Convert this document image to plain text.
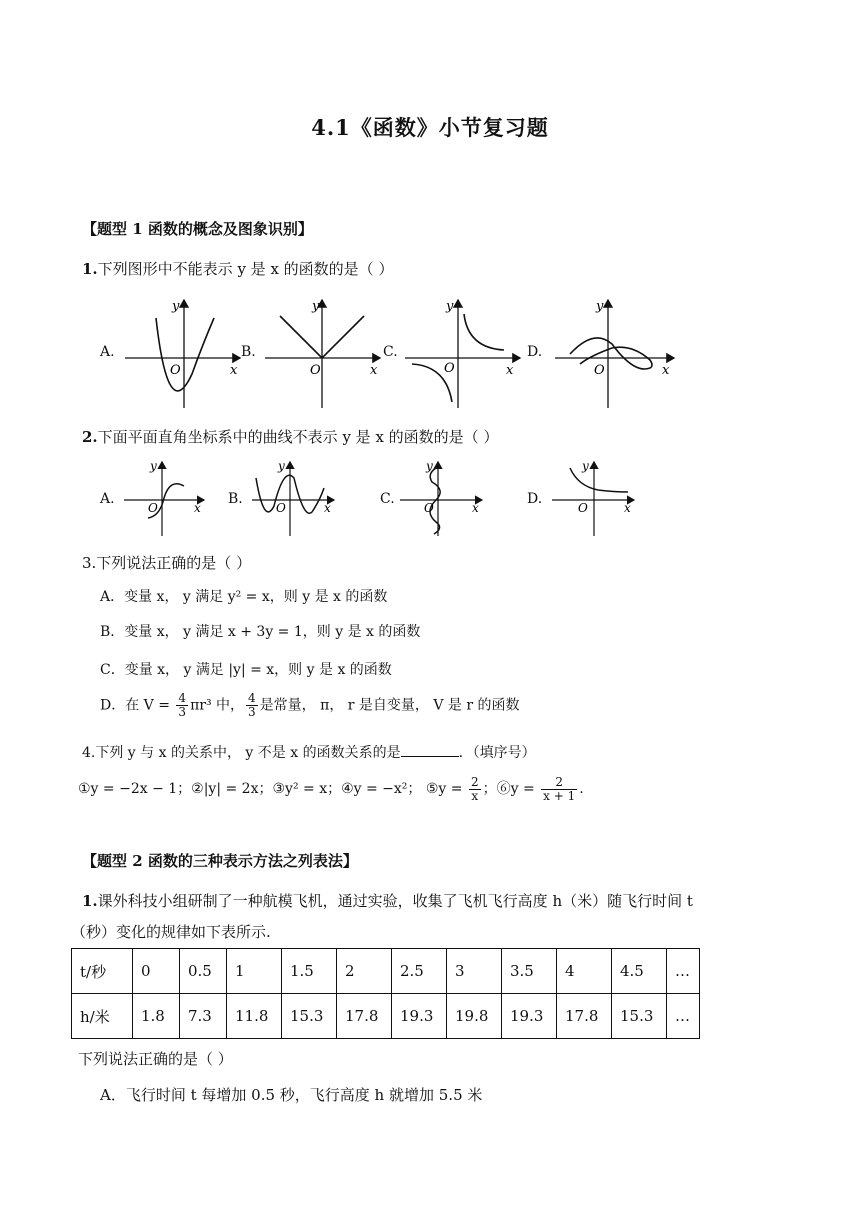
4.1《函数》小节复习题
【题型 1 函数的概念及图象识别】
1.下列图形中不能表示 y 是 x 的函数的是（ ）
A.	B.	C.	D.
y
x
O
y
x
O
y
x
O
y
x
O
2.下面平面直角坐标系中的曲线不表示 y 是 x 的函数的是（ ）
A.	B.	C.	D.
y
x
O
y
x
O
y
x
O
y
x
O
3.下列说法正确的是（ ）
A．变量 x， y 满足 y² = x，则 y 是 x 的函数
B．变量 x， y 满足 x + 3y = 1，则 y 是 x 的函数
C．变量 x， y 满足 |y| = x，则 y 是 x 的函数
D．在 $V = \frac{4}{3} \pi r^3$ 中， $\frac{4}{3}$ 是常量， π， r 是自变量， V 是 r 的函数
4.下列 y 与 x 的关系中， y 不是 x 的函数关系的是	．（填序号）
①y = −2x − 1；②|y| = 2x；③y² = x；④y = −x²； ⑤y = $\frac{2}{x}$ ；⑥y = $\frac{2}{x + 1}$ .
【题型 2 函数的三种表示方法之列表法】
1.课外科技小组研制了一种航模飞机，通过实验，收集了飞机飞行高度 h（米）随飞行时间 t
（秒）变化的规律如下表所示.
t/秒	0	0.5	1	1.5	2	2.5	3	3.5	4	4.5	…
h/米	1.8	7.3	11.8	15.3	17.8	19.3	19.8	19.3	17.8	15.3	…
下列说法正确的是（ ）
A．飞行时间 t 每增加 0.5 秒，飞行高度 h 就增加 5.5 米
